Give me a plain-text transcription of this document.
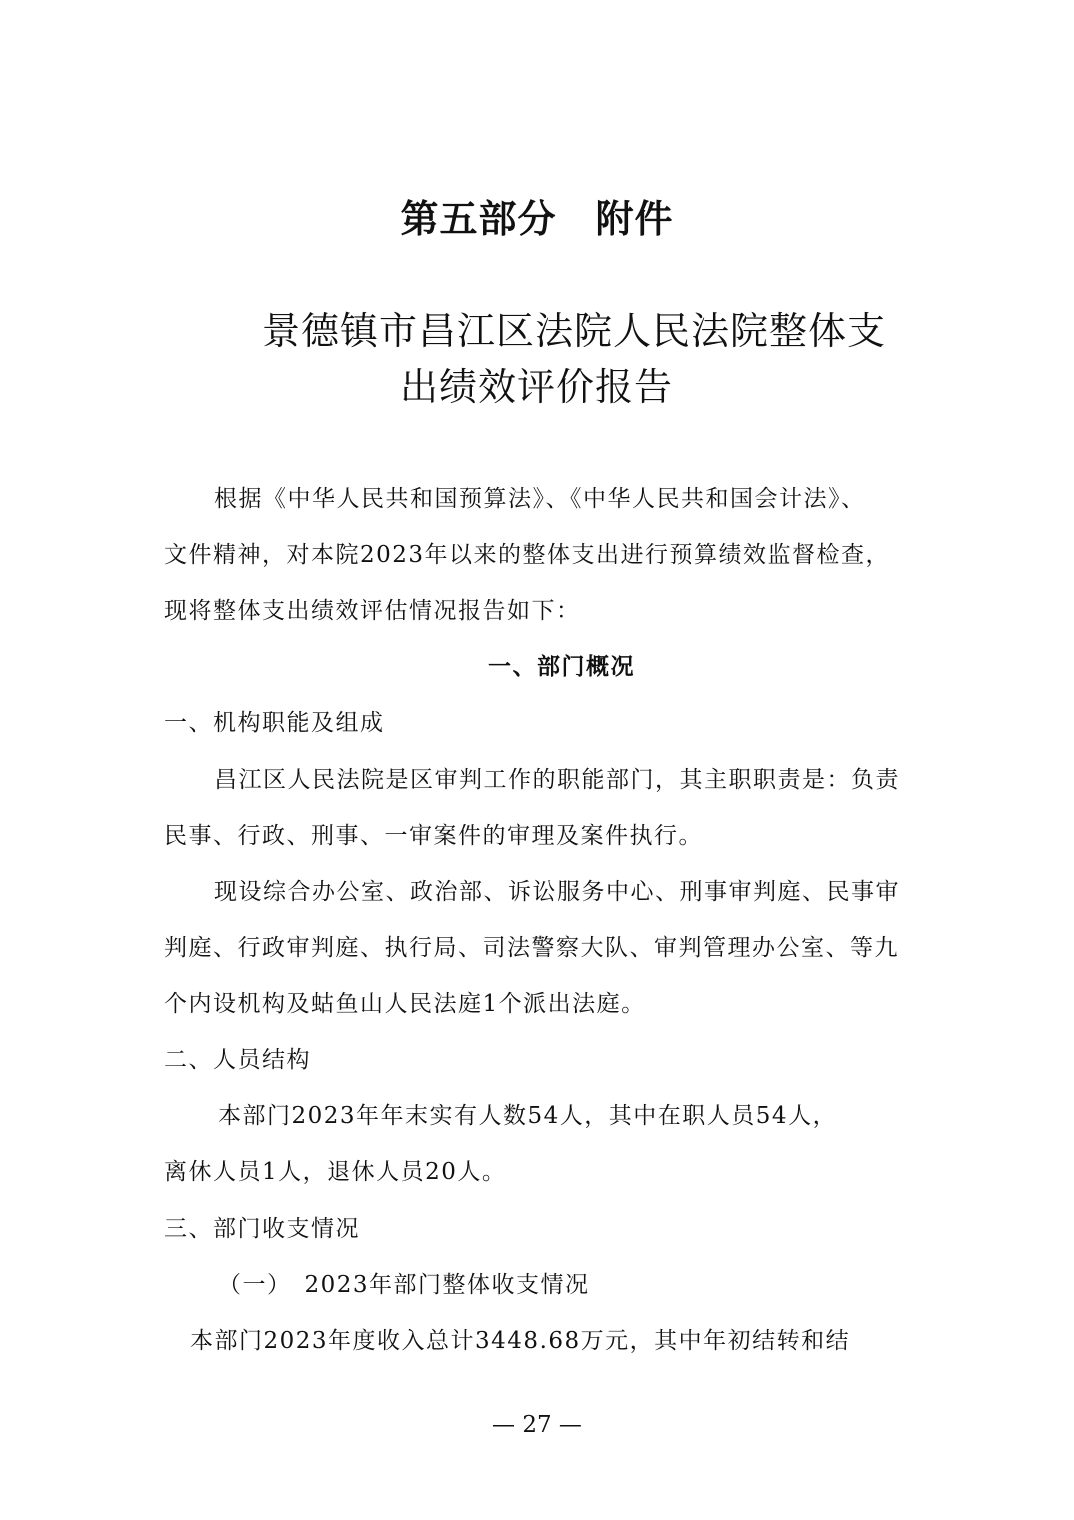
第五部分　附件
景德镇市昌江区法院人民法院整体支
出绩效评价报告
根据《中华人民共和国预算法》、《中华人民共和国会计法》、
文件精神，对本院2023年以来的整体支出进行预算绩效监督检查，
现将整体支出绩效评估情况报告如下：
一、部门概况
一、机构职能及组成
昌江区人民法院是区审判工作的职能部门，其主职职责是：负责
民事、行政、刑事、一审案件的审理及案件执行。
现设综合办公室、政治部、诉讼服务中心、刑事审判庭、民事审
判庭、行政审判庭、执行局、司法警察大队、审判管理办公室、等九
个内设机构及蛄鱼山人民法庭1个派出法庭。
二、人员结构
本部门2023年年末实有人数54人，其中在职人员54人，
离休人员1人，退休人员20人。
三、部门收支情况
（一）　2023年部门整体收支情况
本部门2023年度收入总计3448.68万元，其中年初结转和结
— 27 —
